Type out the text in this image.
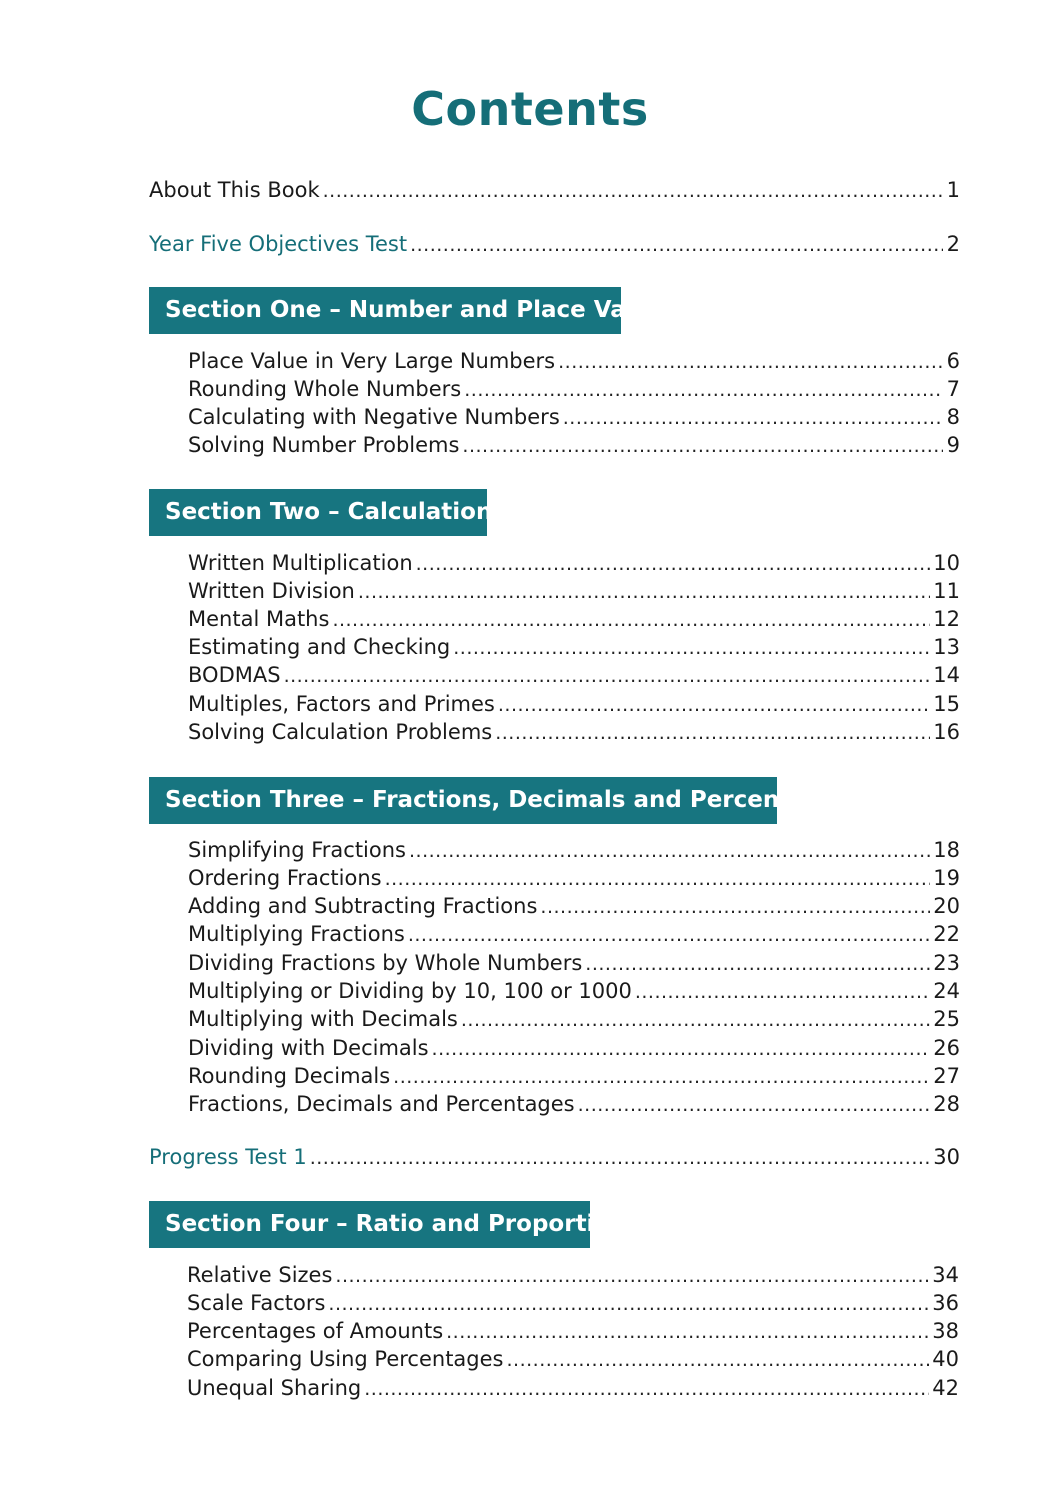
Contents
About This Book .....	1
Year Five Objectives Test .....	2
Section One – Number and Place Value
Place Value in Very Large Numbers .....	6
Rounding Whole Numbers .....	7
Calculating with Negative Numbers .....	8
Solving Number Problems .....	9
Section Two – Calculations
Written Multiplication .....	10
Written Division .....	11
Mental Maths .....	12
Estimating and Checking .....	13
BODMAS .....	14
Multiples, Factors and Primes .....	15
Solving Calculation Problems .....	16
Section Three – Fractions, Decimals and Percentages
Simplifying Fractions .....	18
Ordering Fractions .....	19
Adding and Subtracting Fractions .....	20
Multiplying Fractions .....	22
Dividing Fractions by Whole Numbers .....	23
Multiplying or Dividing by 10, 100 or 1000 .....	24
Multiplying with Decimals .....	25
Dividing with Decimals .....	26
Rounding Decimals .....	27
Fractions, Decimals and Percentages .....	28
Progress Test 1 .....	30
Section Four – Ratio and Proportion
Relative Sizes .....	34
Scale Factors .....	36
Percentages of Amounts .....	38
Comparing Using Percentages .....	40
Unequal Sharing .....	42
